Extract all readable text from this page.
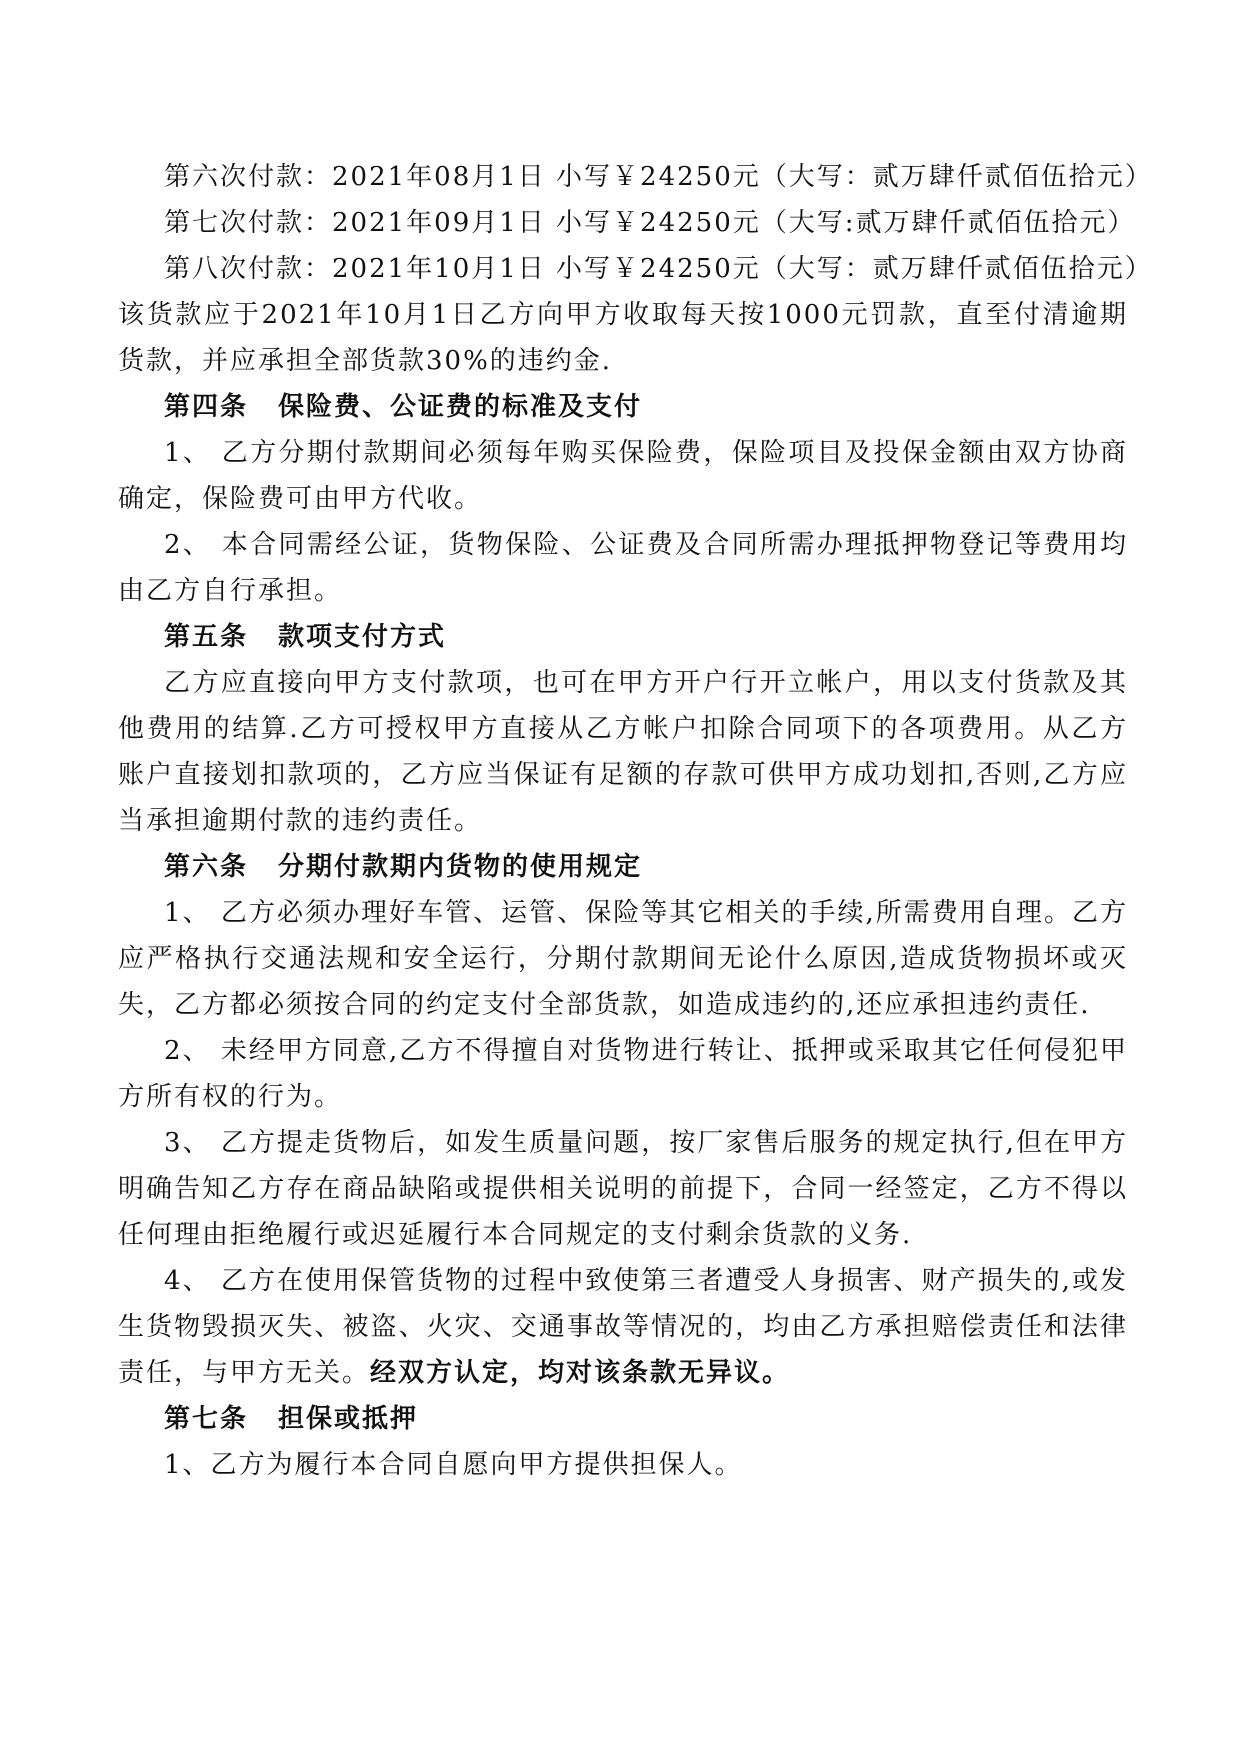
第六次付款：2021年08月1日 小写￥24250元（大写：贰万肆仟贰佰伍拾元）

第七次付款：2021年09月1日 小写￥24250元（大写:贰万肆仟贰佰伍拾元）

第八次付款：2021年10月1日 小写￥24250元（大写：贰万肆仟贰佰伍拾元）

该货款应于2021年10月1日乙方向甲方收取每天按1000元罚款，直至付清逾期货款，并应承担全部货款30%的违约金.

第四条 保险费、公证费的标准及支付

1、 乙方分期付款期间必须每年购买保险费，保险项目及投保金额由双方协商确定，保险费可由甲方代收。

2、 本合同需经公证，货物保险、公证费及合同所需办理抵押物登记等费用均由乙方自行承担。

第五条 款项支付方式

乙方应直接向甲方支付款项，也可在甲方开户行开立帐户，用以支付货款及其他费用的结算.乙方可授权甲方直接从乙方帐户扣除合同项下的各项费用。从乙方账户直接划扣款项的，乙方应当保证有足额的存款可供甲方成功划扣,否则,乙方应当承担逾期付款的违约责任。

第六条 分期付款期内货物的使用规定

1、 乙方必须办理好车管、运管、保险等其它相关的手续,所需费用自理。乙方应严格执行交通法规和安全运行，分期付款期间无论什么原因,造成货物损坏或灭失，乙方都必须按合同的约定支付全部货款，如造成违约的,还应承担违约责任.

2、 未经甲方同意,乙方不得擅自对货物进行转让、抵押或采取其它任何侵犯甲方所有权的行为。

3、 乙方提走货物后，如发生质量问题，按厂家售后服务的规定执行,但在甲方明确告知乙方存在商品缺陷或提供相关说明的前提下，合同一经签定，乙方不得以任何理由拒绝履行或迟延履行本合同规定的支付剩余货款的义务.

4、 乙方在使用保管货物的过程中致使第三者遭受人身损害、财产损失的,或发生货物毁损灭失、被盗、火灾、交通事故等情况的，均由乙方承担赔偿责任和法律责任，与甲方无关。经双方认定，均对该条款无异议。

第七条 担保或抵押

1、乙方为履行本合同自愿向甲方提供担保人。
